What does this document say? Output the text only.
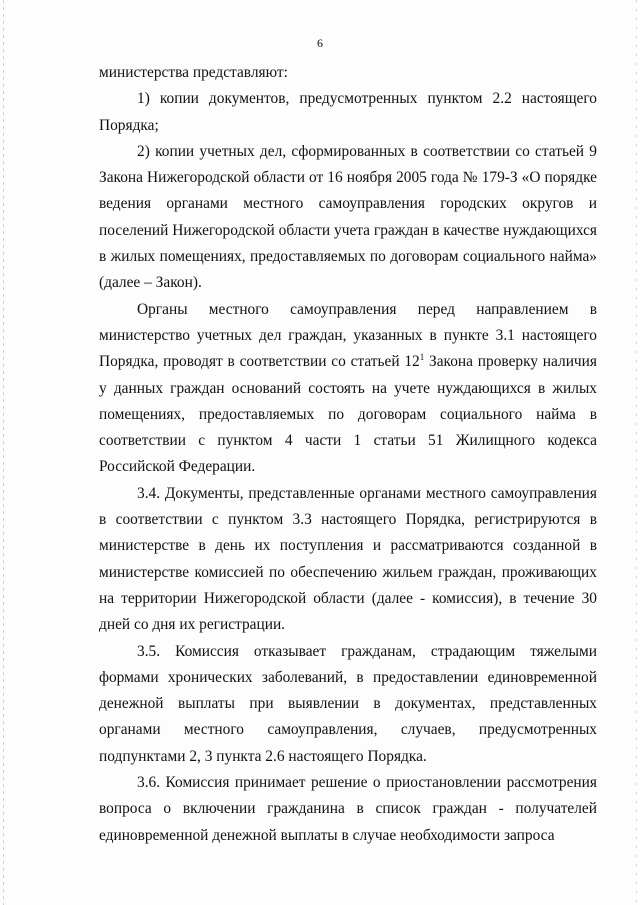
6

министерства представляют:

1) копии документов, предусмотренных пунктом 2.2 настоящего Порядка;

2) копии учетных дел, сформированных в соответствии со статьей 9 Закона Нижегородской области от 16 ноября 2005 года № 179-З «О порядке ведения органами местного самоуправления городских округов и поселений Нижегородской области учета граждан в качестве нуждающихся в жилых помещениях, предоставляемых по договорам социального найма» (далее – Закон).

Органы местного самоуправления перед направлением в министерство учетных дел граждан, указанных в пункте 3.1 настоящего Порядка, проводят в соответствии со статьей $12^1$ Закона проверку наличия у данных граждан оснований состоять на учете нуждающихся в жилых помещениях, предоставляемых по договорам социального найма в соответствии с пунктом 4 части 1 статьи 51 Жилищного кодекса Российской Федерации.

3.4. Документы, представленные органами местного самоуправления в соответствии с пунктом 3.3 настоящего Порядка, регистрируются в министерстве в день их поступления и рассматриваются созданной в министерстве комиссией по обеспечению жильем граждан, проживающих на территории Нижегородской области (далее - комиссия), в течение 30 дней со дня их регистрации.

3.5. Комиссия отказывает гражданам, страдающим тяжелыми формами хронических заболеваний, в предоставлении единовременной денежной выплаты при выявлении в документах, представленных органами местного самоуправления, случаев, предусмотренных подпунктами 2, 3 пункта 2.6 настоящего Порядка.

3.6. Комиссия принимает решение о приостановлении рассмотрения вопроса о включении гражданина в список граждан - получателей единовременной денежной выплаты в случае необходимости запроса
